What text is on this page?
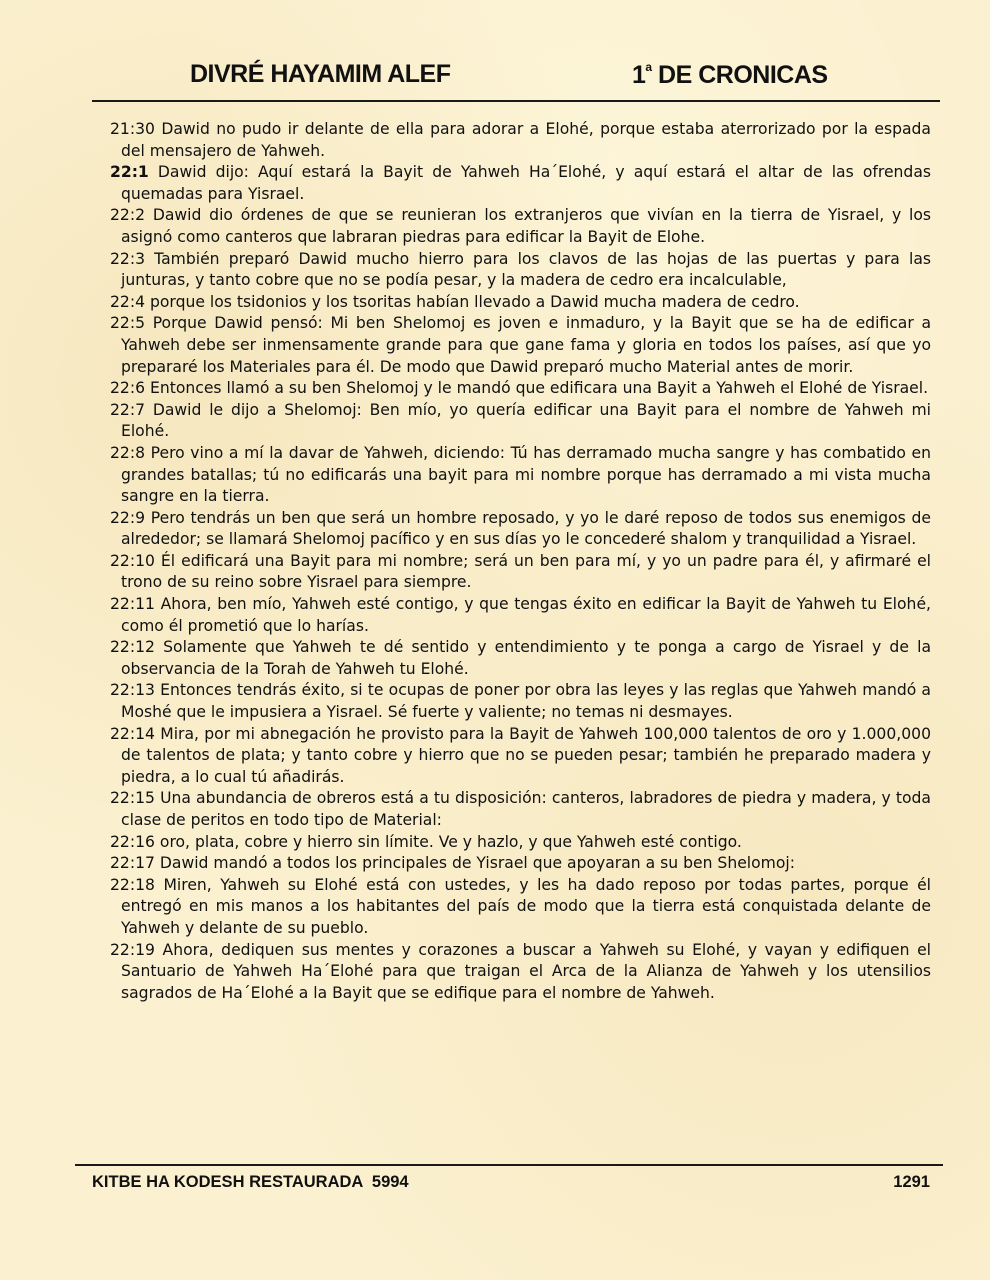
DIVRÉ HAYAMIM ALEF	1$^a$ DE CRONICAS

21:30 Dawid no pudo ir delante de ella para adorar a Elohé, porque estaba aterrorizado por la espada del mensajero de Yahweh.

22:1 Dawid dijo: Aquí estará la Bayit de Yahweh Ha´Elohé, y aquí estará el altar de las ofrendas quemadas para Yisrael.

22:2 Dawid dio órdenes de que se reunieran los extranjeros que vivían en la tierra de Yisrael, y los asignó como canteros que labraran piedras para edificar la Bayit de Elohe.

22:3 También preparó Dawid mucho hierro para los clavos de las hojas de las puertas y para las junturas, y tanto cobre que no se podía pesar, y la madera de cedro era incalculable,

22:4 porque los tsidonios y los tsoritas habían llevado a Dawid mucha madera de cedro.

22:5 Porque Dawid pensó: Mi ben Shelomoj es joven e inmaduro, y la Bayit que se ha de edificar a Yahweh debe ser inmensamente grande para que gane fama y gloria en todos los países, así que yo prepararé los Materiales para él. De modo que Dawid preparó mucho Material antes de morir.

22:6 Entonces llamó a su ben Shelomoj y le mandó que edificara una Bayit a Yahweh el Elohé de Yisrael.

22:7 Dawid le dijo a Shelomoj: Ben mío, yo quería edificar una Bayit para el nombre de Yahweh mi Elohé.

22:8 Pero vino a mí la davar de Yahweh, diciendo: Tú has derramado mucha sangre y has combatido en grandes batallas; tú no edificarás una bayit para mi nombre porque has derramado a mi vista mucha sangre en la tierra.

22:9 Pero tendrás un ben que será un hombre reposado, y yo le daré reposo de todos sus enemigos de alrededor; se llamará Shelomoj pacífico y en sus días yo le concederé shalom y tranquilidad a Yisrael.

22:10 Él edificará una Bayit para mi nombre; será un ben para mí, y yo un padre para él, y afirmaré el trono de su reino sobre Yisrael para siempre.

22:11 Ahora, ben mío, Yahweh esté contigo, y que tengas éxito en edificar la Bayit de Yahweh tu Elohé, como él prometió que lo harías.

22:12 Solamente que Yahweh te dé sentido y entendimiento y te ponga a cargo de Yisrael y de la observancia de la Torah de Yahweh tu Elohé.

22:13 Entonces tendrás éxito, si te ocupas de poner por obra las leyes y las reglas que Yahweh mandó a Moshé que le impusiera a Yisrael. Sé fuerte y valiente; no temas ni desmayes.

22:14 Mira, por mi abnegación he provisto para la Bayit de Yahweh 100,000 talentos de oro y 1.000,000 de talentos de plata; y tanto cobre y hierro que no se pueden pesar; también he preparado madera y piedra, a lo cual tú añadirás.

22:15 Una abundancia de obreros está a tu disposición: canteros, labradores de piedra y madera, y toda clase de peritos en todo tipo de Material:

22:16 oro, plata, cobre y hierro sin límite. Ve y hazlo, y que Yahweh esté contigo.

22:17 Dawid mandó a todos los principales de Yisrael que apoyaran a su ben Shelomoj:

22:18 Miren, Yahweh su Elohé está con ustedes, y les ha dado reposo por todas partes, porque él entregó en mis manos a los habitantes del país de modo que la tierra está conquistada delante de Yahweh y delante de su pueblo.

22:19 Ahora, dediquen sus mentes y corazones a buscar a Yahweh su Elohé, y vayan y edifiquen el Santuario de Yahweh Ha´Elohé para que traigan el Arca de la Alianza de Yahweh y los utensilios sagrados de Ha´Elohé a la Bayit que se edifique para el nombre de Yahweh.

KITBE HA KODESH RESTAURADA  5994	1291
